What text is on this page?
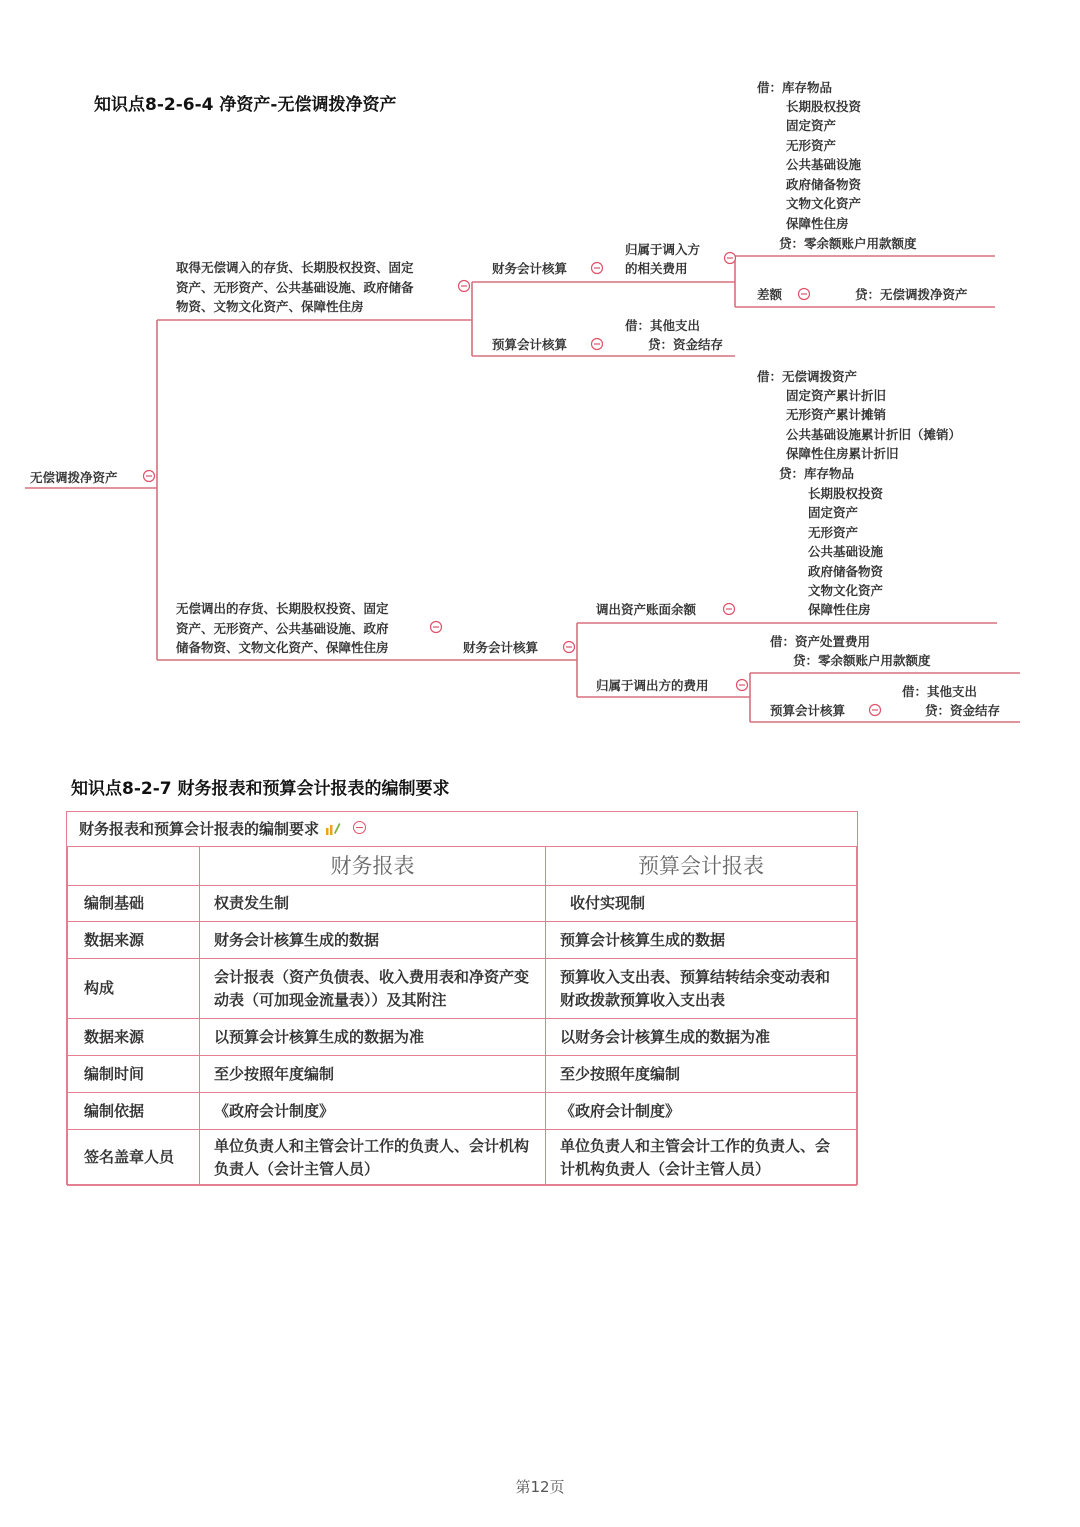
知识点8-2-6-4 净资产-无偿调拨净资产
知识点8-2-7 财务报表和预算会计报表的编制要求
无偿调拨净资产
取得无偿调入的存货、长期股权投资、固定
资产、无形资产、公共基础设施、政府储备
物资、文物文化资产、保障性住房
财务会计核算
预算会计核算
归属于调入方
的相关费用
借：库存物品
长期股权投资
固定资产
无形资产
公共基础设施
政府储备物资
文物文化资产
保障性住房
贷：零余额账户用款额度
差额	贷：无偿调拨净资产
借：其他支出
贷：资金结存
借：无偿调拨资产
固定资产累计折旧
无形资产累计摊销
公共基础设施累计折旧（摊销）
保障性住房累计折旧
贷：库存物品
长期股权投资
固定资产
无形资产
公共基础设施
政府储备物资
文物文化资产
保障性住房
无偿调出的存货、长期股权投资、固定
资产、无形资产、公共基础设施、政府
储备物资、文物文化资产、保障性住房	财务会计核算
调出资产账面余额
归属于调出方的费用
借：资产处置费用
贷：零余额账户用款额度
预算会计核算
借：其他支出
贷：资金结存
财务报表和预算会计报表的编制要求
	财务报表	预算会计报表
编制基础	权责发生制	收付实现制
数据来源	财务会计核算生成的数据	预算会计核算生成的数据
构成	会计报表（资产负债表、收入费用表和净资产变动表（可加现金流量表））及其附注	预算收入支出表、预算结转结余变动表和财政拨款预算收入支出表
数据来源	以预算会计核算生成的数据为准	以财务会计核算生成的数据为准
编制时间	至少按照年度编制	至少按照年度编制
编制依据	《政府会计制度》	《政府会计制度》
签名盖章人员	单位负责人和主管会计工作的负责人、会计机构负责人（会计主管人员）	单位负责人和主管会计工作的负责人、会计机构负责人（会计主管人员）
第12页
